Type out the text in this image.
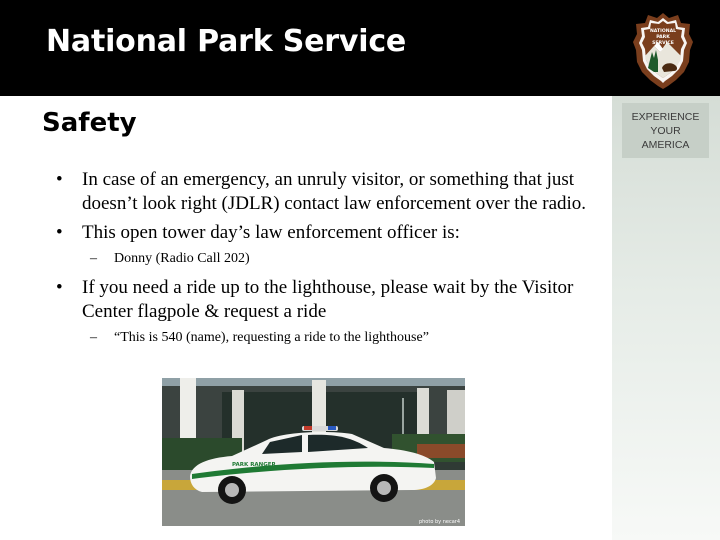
National Park Service	NATIONAL
PARK
SERVICE
EXPERIENCE
YOUR
AMERICA
Safety
• In case of an emergency, an unruly visitor, or something that just doesn’t look right (JDLR) contact law enforcement over the radio.
• This open tower day’s law enforcement officer is:
– Donny (Radio Call 202)
• If you need a ride up to the lighthouse, please wait by the Visitor Center flagpole & request a ride
– “This is 540 (name), requesting a ride to the lighthouse”
PARK RANGER
photo by necar4
